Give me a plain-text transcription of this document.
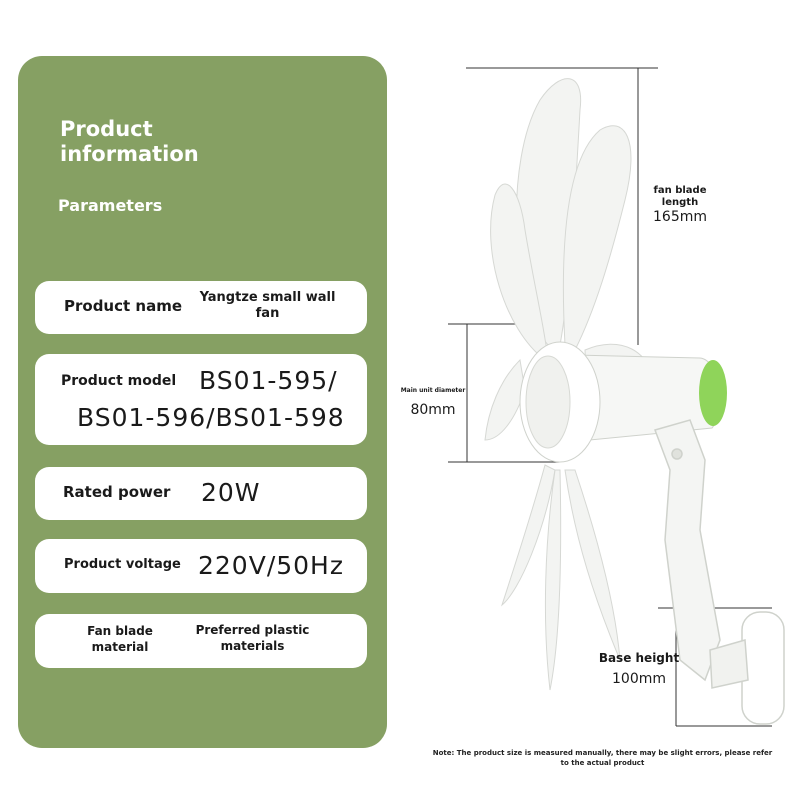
Product information
Parameters
Product name	Yangtze small wall fan
Product model BS01-595/
BS01-596/BS01-598
Rated power 20W
Product voltage 220V/50Hz
Fan blade
material
Preferred plastic
materials
fan blade
length
165mm
Main unit diameter
80mm
Base height
100mm
Note: The product size is measured manually, there may be slight errors, please refer to the actual product
